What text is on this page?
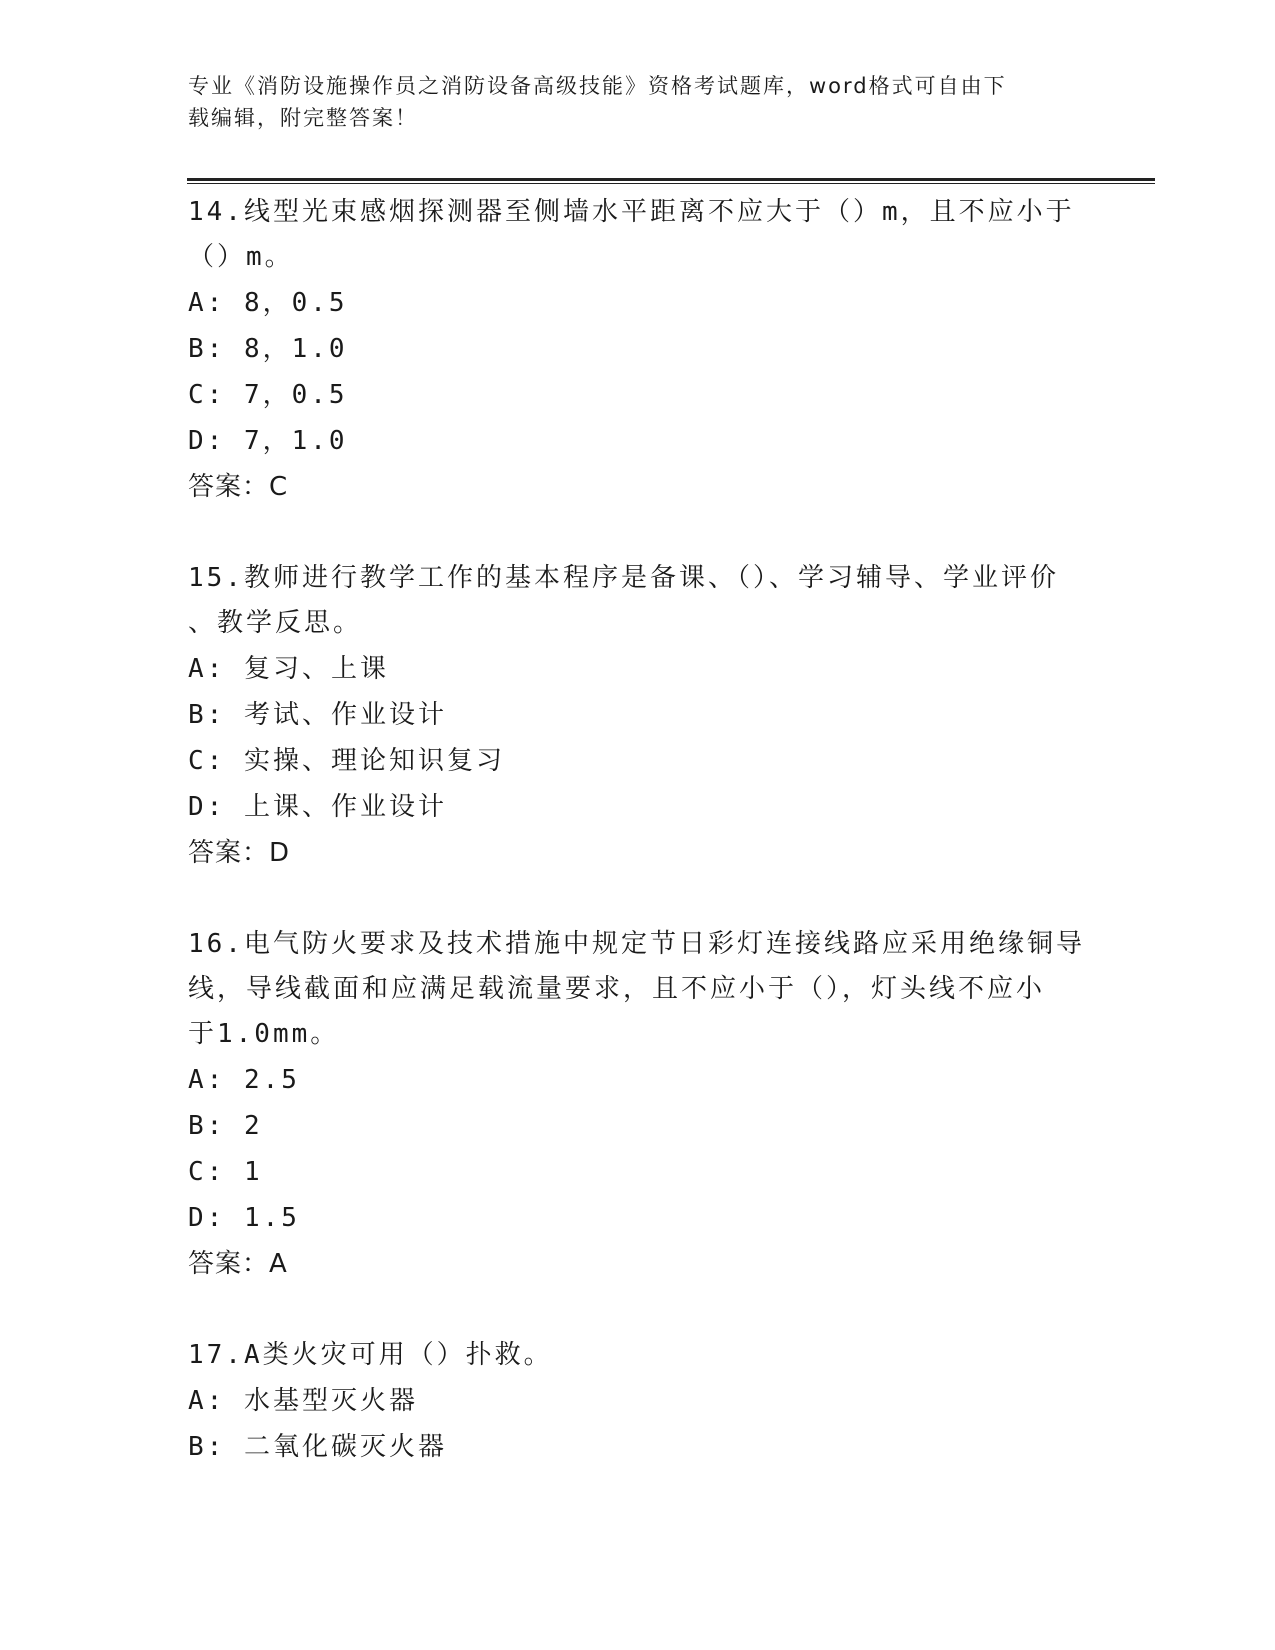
专业《消防设施操作员之消防设备高级技能》资格考试题库，word格式可自由下
载编辑，附完整答案！
14.线型光束感烟探测器至侧墙水平距离不应大于（）m，且不应小于
（）m。
A: 8，0.5
B: 8，1.0
C: 7，0.5
D: 7，1.0
答案：C
15.教师进行教学工作的基本程序是备课、（）、学习辅导、学业评价
、教学反思。
A: 复习、上课
B: 考试、作业设计
C: 实操、理论知识复习
D: 上课、作业设计
答案：D
16.电气防火要求及技术措施中规定节日彩灯连接线路应采用绝缘铜导
线，导线截面和应满足载流量要求，且不应小于（），灯头线不应小
于1.0mm。
A: 2.5
B: 2
C: 1
D: 1.5
答案：A
17.A类火灾可用（）扑救。
A: 水基型灭火器
B: 二氧化碳灭火器
